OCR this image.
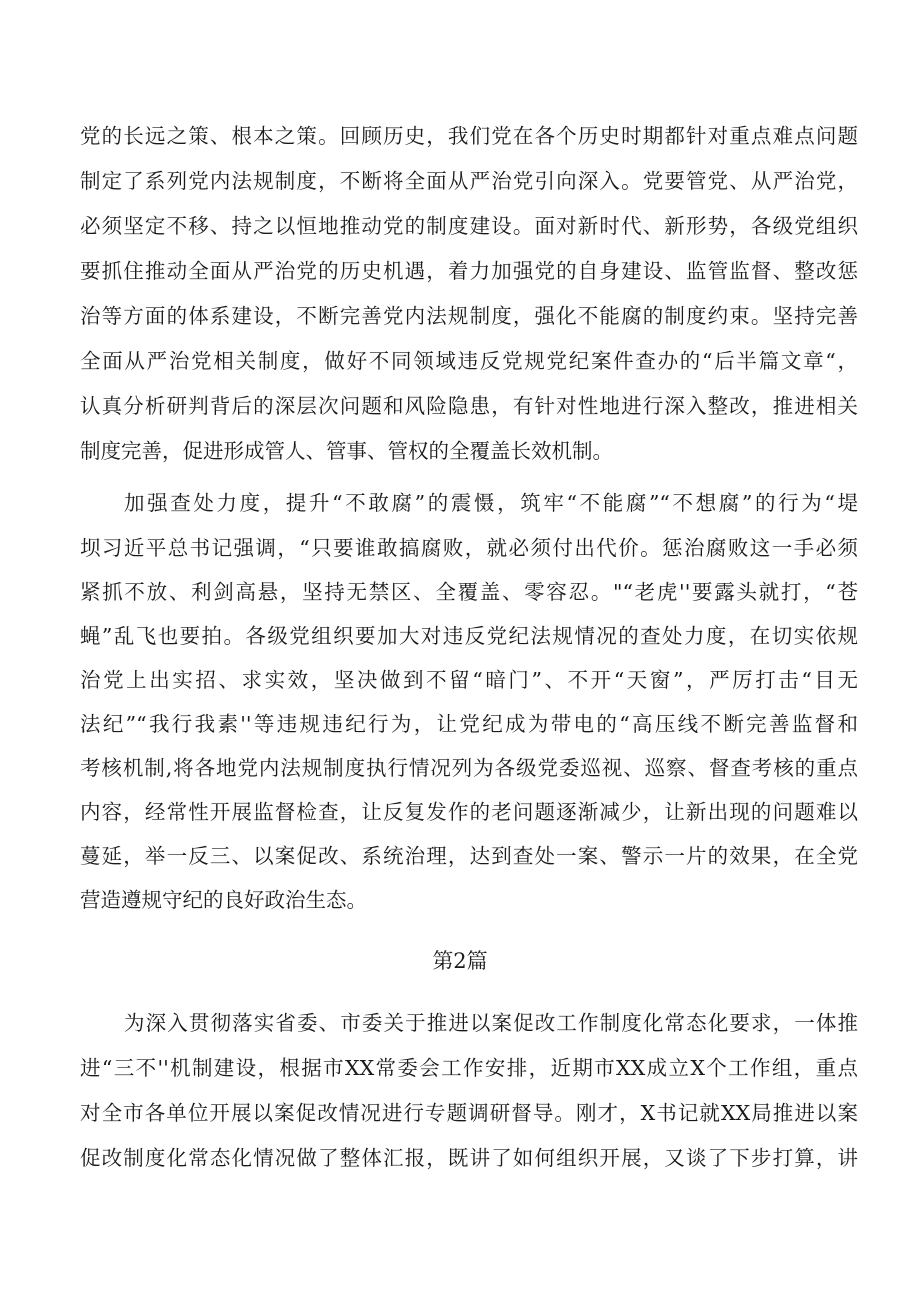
党的长远之策、根本之策。回顾历史，我们党在各个历史时期都针对重点难点问题
制定了系列党内法规制度，不断将全面从严治党引向深入。党要管党、从严治党，
必须坚定不移、持之以恒地推动党的制度建设。面对新时代、新形势，各级党组织
要抓住推动全面从严治党的历史机遇，着力加强党的自身建设、监管监督、整改惩
治等方面的体系建设，不断完善党内法规制度，强化不能腐的制度约束。坚持完善
全面从严治党相关制度，做好不同领域违反党规党纪案件查办的“后半篇文章“，
认真分析研判背后的深层次问题和风险隐患，有针对性地进行深入整改，推进相关
制度完善，促进形成管人、管事、管权的全覆盖长效机制。
加强查处力度，提升“不敢腐”的震慑，筑牢“不能腐”“不想腐”的行为“堤
坝习近平总书记强调，“只要谁敢搞腐败，就必须付出代价。惩治腐败这一手必须
紧抓不放、利剑高悬，坚持无禁区、全覆盖、零容忍。"“老虎''要露头就打，“苍
蝇”乱飞也要拍。各级党组织要加大对违反党纪法规情况的查处力度，在切实依规
治党上出实招、求实效，坚决做到不留“暗门”、不开“天窗”，严厉打击“目无
法纪”“我行我素''等违规违纪行为，让党纪成为带电的“高压线不断完善监督和
考核机制,将各地党内法规制度执行情况列为各级党委巡视、巡察、督查考核的重点
内容，经常性开展监督检查，让反复发作的老问题逐渐减少，让新出现的问题难以
蔓延，举一反三、以案促改、系统治理，达到查处一案、警示一片的效果，在全党
营造遵规守纪的良好政治生态。
第2篇
为深入贯彻落实省委、市委关于推进以案促改工作制度化常态化要求，一体推
进“三不''机制建设，根据市XX常委会工作安排，近期市XX成立X个工作组，重点
对全市各单位开展以案促改情况进行专题调研督导。刚才，X书记就XX局推进以案
促改制度化常态化情况做了整体汇报，既讲了如何组织开展，又谈了下步打算，讲
